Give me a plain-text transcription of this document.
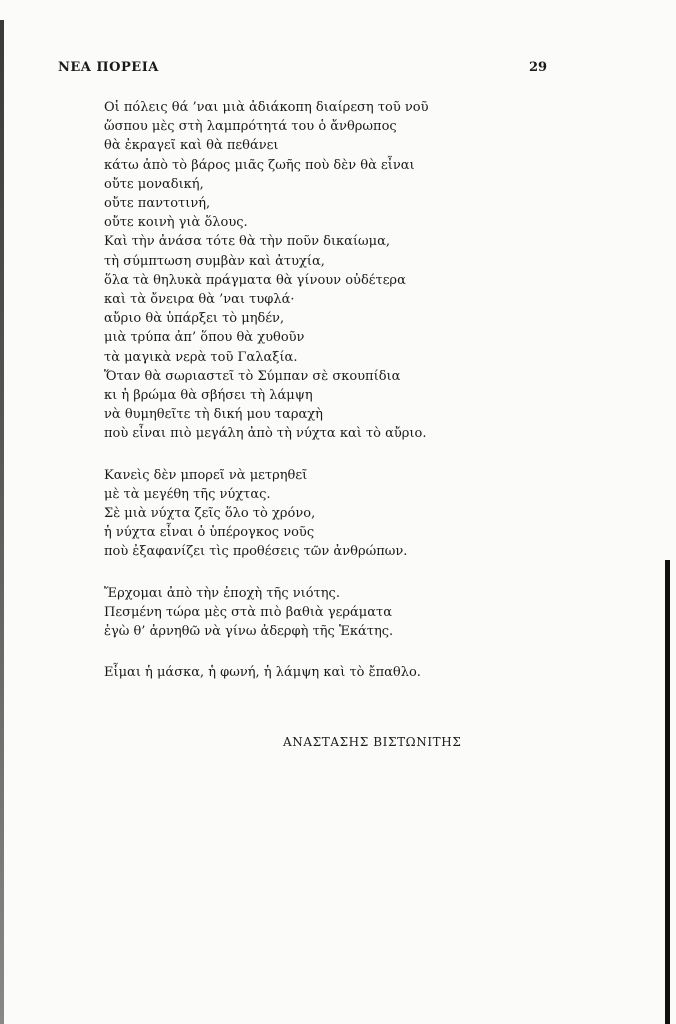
ΝΕΑ ΠΟΡΕΙΑ	29
Οἱ πόλεις θά ’ναι μιὰ ἀδιάκοπη διαίρεση τοῦ νοῦ
ὥσπου μὲς στὴ λαμπρότητά του ὁ ἄνθρωπος
θὰ ἐκραγεῖ καὶ θὰ πεθάνει
κάτω ἀπὸ τὸ βάρος μιᾶς ζωῆς ποὺ δὲν θὰ εἶναι
οὔτε μοναδική,
οὔτε παντοτινή,
οὔτε κοινὴ γιὰ ὅλους.
Καὶ τὴν ἀνάσα τότε θὰ τὴν ποῦν δικαίωμα,
τὴ σύμπτωση συμβὰν καὶ ἀτυχία,
ὅλα τὰ θηλυκὰ πράγματα θὰ γίνουν οὐδέτερα
καὶ τὰ ὄνειρα θὰ ’ναι τυφλά·
αὔριο θὰ ὑπάρξει τὸ μηδέν,
μιὰ τρύπα ἀπ’ ὅπου θὰ χυθοῦν
τὰ μαγικὰ νερὰ τοῦ Γαλαξία.
Ὅταν θὰ σωριαστεῖ τὸ Σύμπαν σὲ σκουπίδια
κι ἡ βρώμα θὰ σβήσει τὴ λάμψη
νὰ θυμηθεῖτε τὴ δική μου ταραχὴ
ποὺ εἶναι πιὸ μεγάλη ἀπὸ τὴ νύχτα καὶ τὸ αὔριο.
Κανεὶς δὲν μπορεῖ νὰ μετρηθεῖ
μὲ τὰ μεγέθη τῆς νύχτας.
Σὲ μιὰ νύχτα ζεῖς ὅλο τὸ χρόνο,
ἡ νύχτα εἶναι ὁ ὑπέρογκος νοῦς
ποὺ ἐξαφανίζει τὶς προθέσεις τῶν ἀνθρώπων.
Ἔρχομαι ἀπὸ τὴν ἐποχὴ τῆς νιότης.
Πεσμένη τώρα μὲς στὰ πιὸ βαθιὰ γεράματα
ἐγὼ θ’ ἀρνηθῶ νὰ γίνω ἀδερφὴ τῆς Ἑκάτης.
Εἶμαι ἡ μάσκα, ἡ φωνή, ἡ λάμψη καὶ τὸ ἔπαθλο.
ΑΝΑΣΤΑΣΗΣ ΒΙΣΤΩΝΙΤΗΣ
